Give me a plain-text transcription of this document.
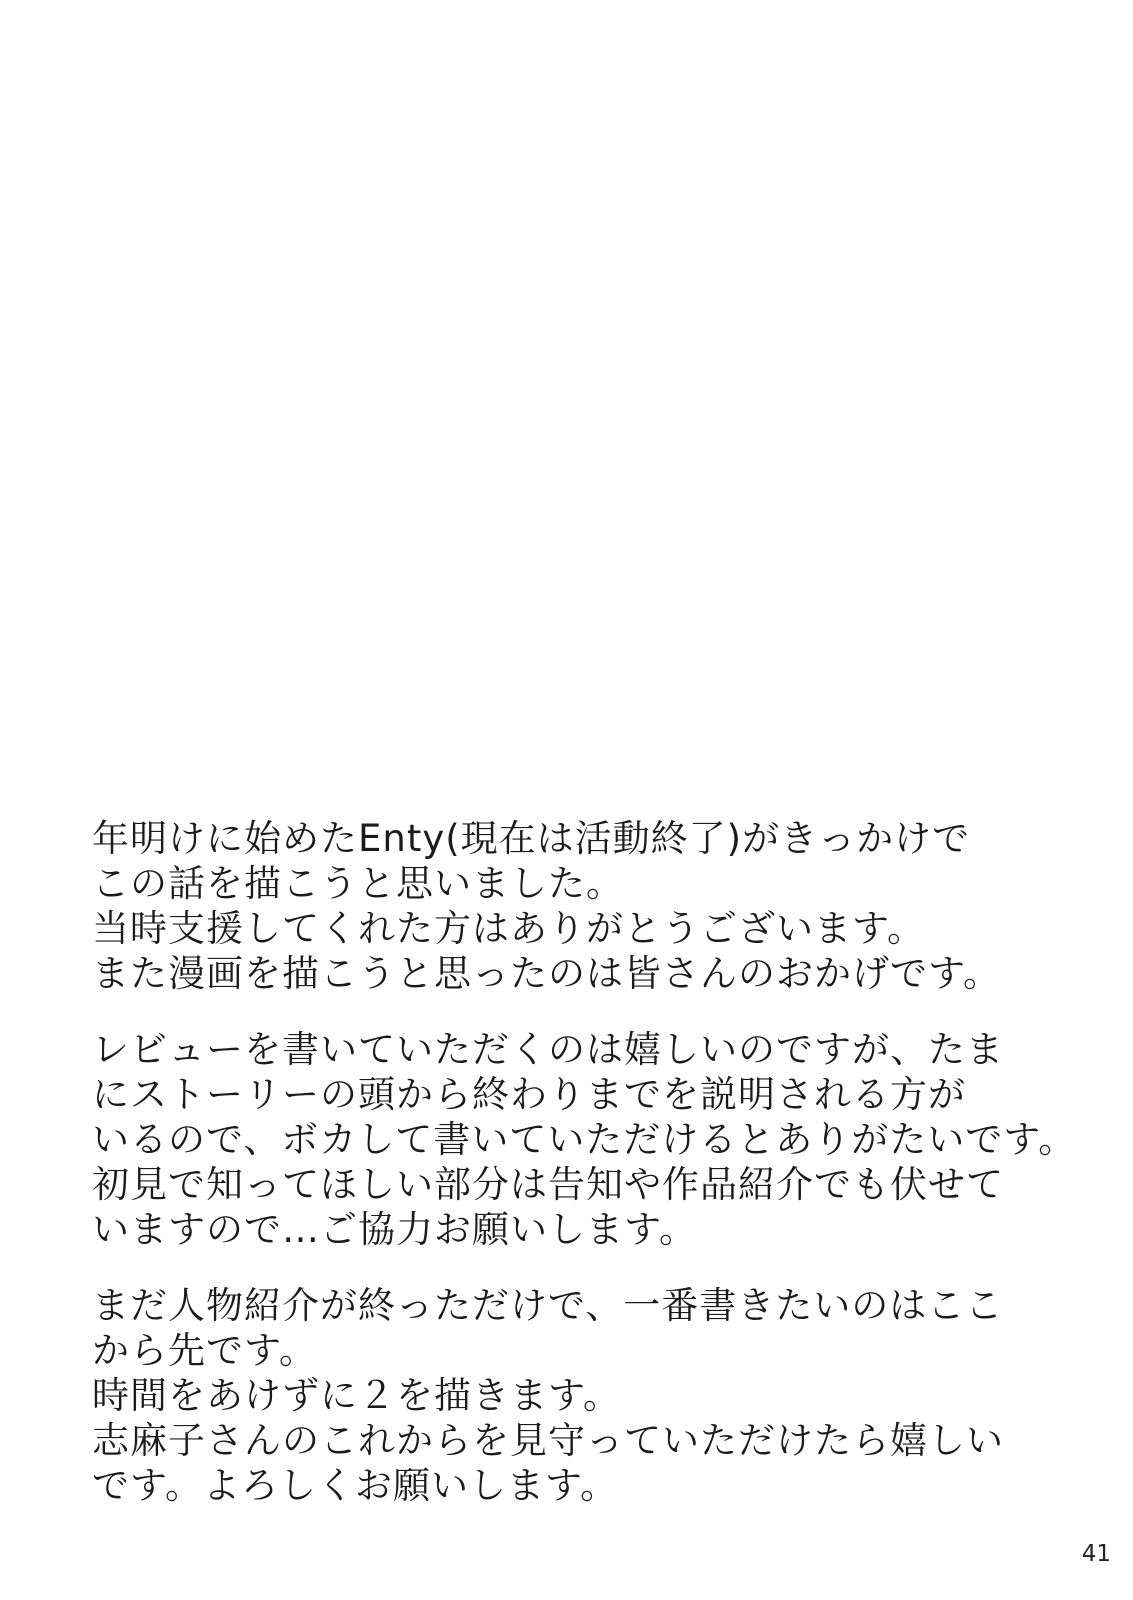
年明けに始めたEnty(現在は活動終了)がきっかけで
この話を描こうと思いました。
当時支援してくれた方はありがとうございます。
また漫画を描こうと思ったのは皆さんのおかげです。
レビューを書いていただくのは嬉しいのですが、たま
にストーリーの頭から終わりまでを説明される方が
いるので、ボカして書いていただけるとありがたいです。
初見で知ってほしい部分は告知や作品紹介でも伏せて
いますので…ご協力お願いします。
まだ人物紹介が終っただけで、一番書きたいのはここ
から先です。
時間をあけずに２を描きます。
志麻子さんのこれからを見守っていただけたら嬉しい
です。よろしくお願いします。
41
